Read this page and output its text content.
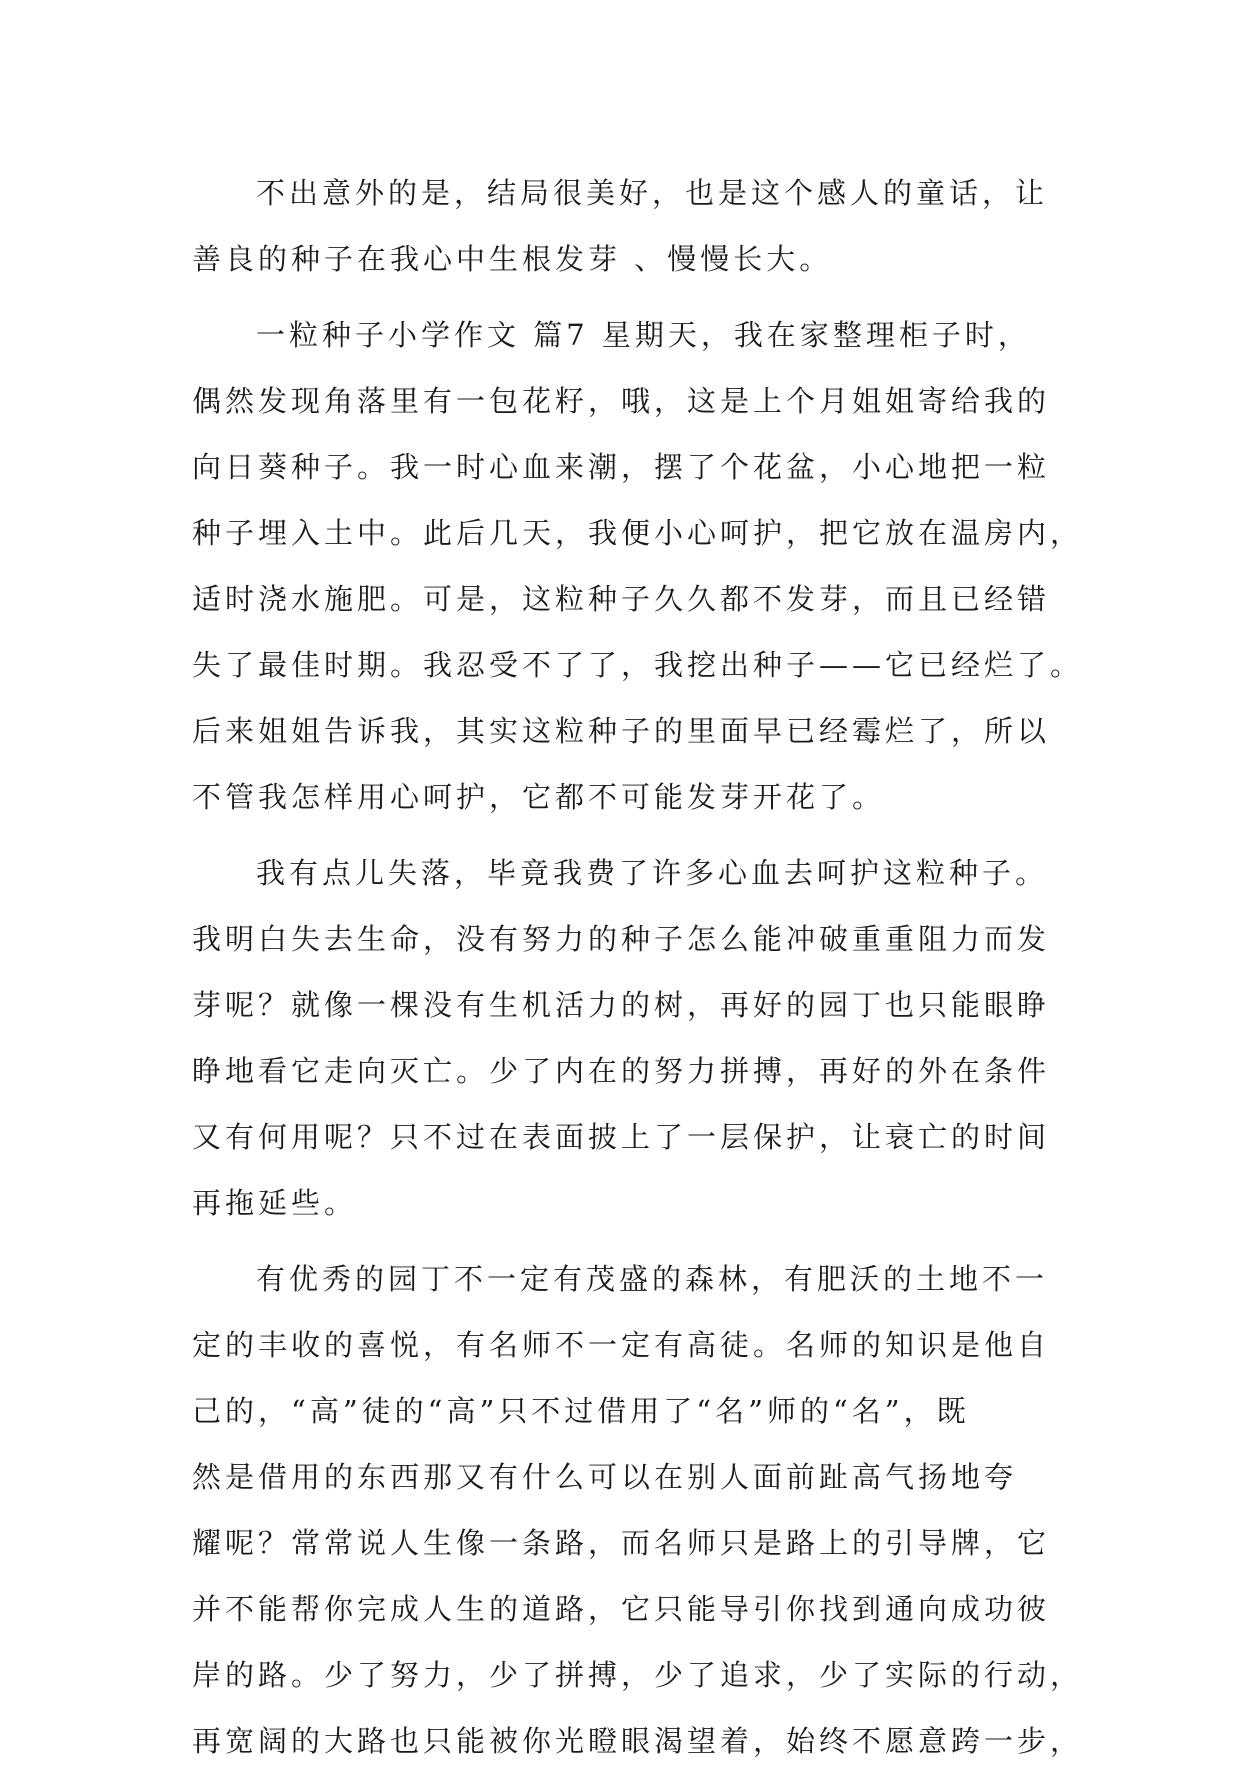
不出意外的是，结局很美好，也是这个感人的童话，让
善良的种子在我心中生根发芽 、慢慢长大。
一粒种子小学作文 篇7 星期天，我在家整理柜子时，
偶然发现角落里有一包花籽，哦，这是上个月姐姐寄给我的
向日葵种子。我一时心血来潮，摆了个花盆，小心地把一粒
种子埋入土中。此后几天，我便小心呵护，把它放在温房内，
适时浇水施肥。可是，这粒种子久久都不发芽，而且已经错
失了最佳时期。我忍受不了了，我挖出种子——它已经烂了。
后来姐姐告诉我，其实这粒种子的里面早已经霉烂了，所以
不管我怎样用心呵护，它都不可能发芽开花了。
我有点儿失落，毕竟我费了许多心血去呵护这粒种子。
我明白失去生命，没有努力的种子怎么能冲破重重阻力而发
芽呢？就像一棵没有生机活力的树，再好的园丁也只能眼睁
睁地看它走向灭亡。少了内在的努力拼搏，再好的外在条件
又有何用呢？只不过在表面披上了一层保护，让衰亡的时间
再拖延些。
有优秀的园丁不一定有茂盛的森林，有肥沃的土地不一
定的丰收的喜悦，有名师不一定有高徒。名师的知识是他自
己的，“高”徒的“高”只不过借用了“名”师的“名”，既
然是借用的东西那又有什么可以在别人面前趾高气扬地夸
耀呢？常常说人生像一条路，而名师只是路上的引导牌，它
并不能帮你完成人生的道路，它只能导引你找到通向成功彼
岸的路。少了努力，少了拼搏，少了追求，少了实际的行动，
再宽阔的大路也只能被你光瞪眼渴望着，始终不愿意跨一步，
